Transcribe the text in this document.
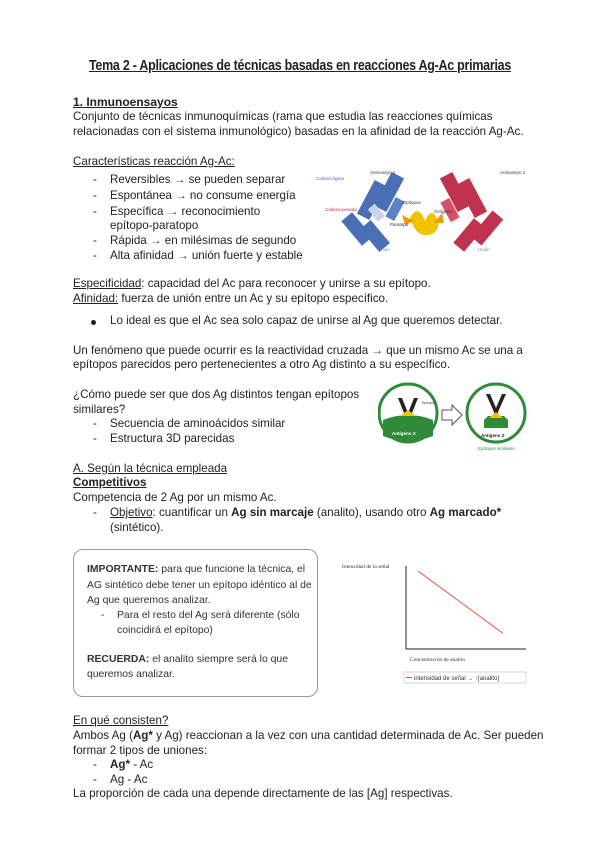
Tema 2 - Aplicaciones de técnicas basadas en reacciones Ag-Ac primarias
1. Inmunoensayos
Conjunto de técnicas inmunoquímicas (rama que estudia las reacciones químicas
relacionadas con el sistema inmunológico) basadas en la afinidad de la reacción Ag-Ac.
Características reacción Ag-Ac:
- Reversibles → se pueden separar
- Espontánea → no consume energía
- Específica → reconocimiento
epítopo-paratopo
- Rápida → en milésimas de segundo
- Alta afinidad → unión fuerte y estable
Cadena ligera
Anticuerpo 1	Anticuerpo 2
Cadena pesada
Epítopos
Antígeno
Paratopo
Unión	Unión
Especificidad: capacidad del Ac para reconocer y unirse a su epítopo.
Afinidad: fuerza de unión entre un Ac y su epítopo específico.
Lo ideal es que el Ac sea solo capaz de unirse al Ag que queremos detectar.
Un fenómeno que puede ocurrir es la reactividad cruzada → que un mismo Ac se una a
epítopos parecidos pero pertenecientes a otro Ag distinto a su específico.
¿Cómo puede ser que dos Ag distintos tengan epítopos
similares?
- Secuencia de aminoácidos similar
- Estructura 3D parecidas	Antígeno X
Epítopo
Antígeno Z
Epítopos similares
A. Según la técnica empleada
Competitivos
Competencia de 2 Ag por un mismo Ac.
- Objetivo: cuantificar un Ag sin marcaje (analito), usando otro Ag marcado*
(sintético).
IMPORTANTE: para que funcione la técnica, el
AG sintético debe tener un epítopo idéntico al de
Ag que queremos analizar.
- Para el resto del Ag será diferente (sólo
coincidirá el epítopo)
RECUERDA: el analito siempre será lo que
queremos analizar.
Intensidad de la señal
Concentración de analito
intensidad de señal → ↑[analito]
En qué consisten?
Ambos Ag (Ag* y Ag) reaccionan a la vez con una cantidad determinada de Ac. Ser pueden
formar 2 tipos de uniones:
- Ag* - Ac
- Ag - Ac
La proporción de cada una depende directamente de las [Ag] respectivas.
